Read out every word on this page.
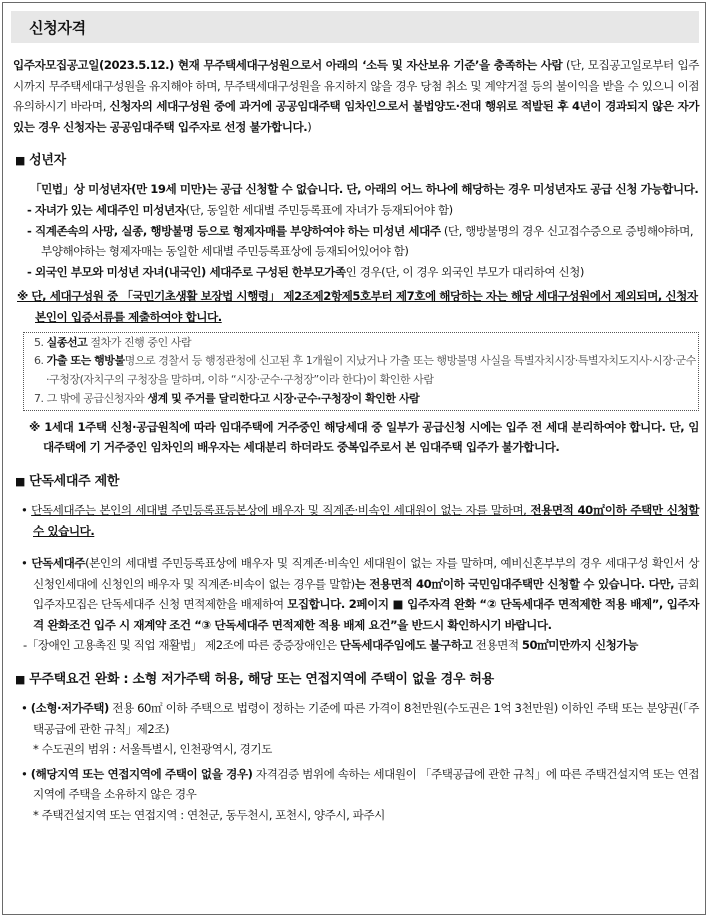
신청자격

입주자모집공고일(2023.5.12.) 현재 무주택세대구성원으로서 아래의 ‘소득 및 자산보유 기준’을 충족하는 사람 (단, 모집공고일로부터 입주 시까지 무주택세대구성원을 유지해야 하며, 무주택세대구성원을 유지하지 않을 경우 당첨 취소 및 계약거절 등의 불이익을 받을 수 있으니 이점 유의하시기 바라며, 신청자의 세대구성원 중에 과거에 공공임대주택 임차인으로서 불법양도·전대 행위로 적발된 후 4년이 경과되지 않은 자가 있는 경우 신청자는 공공임대주택 입주자로 선정 불가합니다.)

■ 성년자

「민법」상 미성년자(만 19세 미만)는 공급 신청할 수 없습니다. 단, 아래의 어느 하나에 해당하는 경우 미성년자도 공급 신청 가능합니다.

- 자녀가 있는 세대주인 미성년자(단, 동일한 세대별 주민등록표에 자녀가 등재되어야 함)

- 직계존속의 사망, 실종, 행방불명 등으로 형제자매를 부양하여야 하는 미성년 세대주 (단, 행방불명의 경우 신고접수증으로 증빙해야하며, 부양해야하는 형제자매는 동일한 세대별 주민등록표상에 등재되어있어야 함)

- 외국인 부모와 미성년 자녀(내국인) 세대주로 구성된 한부모가족인 경우(단, 이 경우 외국인 부모가 대리하여 신청)

※ 단, 세대구성원 중 「국민기초생활 보장법 시행령」 제2조제2항제5호부터 제7호에 해당하는 자는 해당 세대구성원에서 제외되며, 신청자 본인이 입증서류를 제출하여야 합니다.

5. 실종선고 절차가 진행 중인 사람

6. 가출 또는 행방불명으로 경찰서 등 행정관청에 신고된 후 1개월이 지났거나 가출 또는 행방불명 사실을 특별자치시장·특별자치도지사·시장·군수·구청장(자치구의 구청장을 말하며, 이하 “시장·군수·구청장”이라 한다)이 확인한 사람

7. 그 밖에 공급신청자와 생계 및 주거를 달리한다고 시장·군수·구청장이 확인한 사람

※ 1세대 1주택 신청·공급원칙에 따라 임대주택에 거주중인 해당세대 중 일부가 공급신청 시에는 입주 전 세대 분리하여야 합니다. 단, 임대주택에 기 거주중인 임차인의 배우자는 세대분리 하더라도 중복입주로서 본 임대주택 입주가 불가합니다.

■ 단독세대주 제한

• 단독세대주는 본인의 세대별 주민등록표등본상에 배우자 및 직계존·비속인 세대원이 없는 자를 말하며, 전용면적 40㎡이하 주택만 신청할 수 있습니다.

• 단독세대주(본인의 세대별 주민등록표상에 배우자 및 직계존·비속인 세대원이 없는 자를 말하며, 예비신혼부부의 경우 세대구성 확인서 상 신청인세대에 신청인의 배우자 및 직계존·비속이 없는 경우를 말함)는 전용면적 40㎡이하 국민임대주택만 신청할 수 있습니다. 다만, 금회 입주자모집은 단독세대주 신청 면적제한을 배제하여 모집합니다. 2페이지 ■ 입주자격 완화 “② 단독세대주 면적제한 적용 배제”, 입주자격 완화조건 입주 시 재계약 조건 “③ 단독세대주 면적제한 적용 배제 요건”을 반드시 확인하시기 바랍니다.

-「장애인 고용촉진 및 직업 재활법」 제2조에 따른 중증장애인은 단독세대주임에도 불구하고 전용면적 50㎡미만까지 신청가능

■ 무주택요건 완화 : 소형 저가주택 허용, 해당 또는 연접지역에 주택이 없을 경우 허용

• (소형·저가주택) 전용 60㎡ 이하 주택으로 법령이 정하는 기준에 따른 가격이 8천만원(수도권은 1억 3천만원) 이하인 주택 또는 분양권(「주택공급에 관한 규칙」제2조)

* 수도권의 범위 : 서울특별시, 인천광역시, 경기도

• (해당지역 또는 연접지역에 주택이 없을 경우) 자격검증 범위에 속하는 세대원이 「주택공급에 관한 규칙」에 따른 주택건설지역 또는 연접지역에 주택을 소유하지 않은 경우

* 주택건설지역 또는 연접지역 : 연천군, 동두천시, 포천시, 양주시, 파주시
